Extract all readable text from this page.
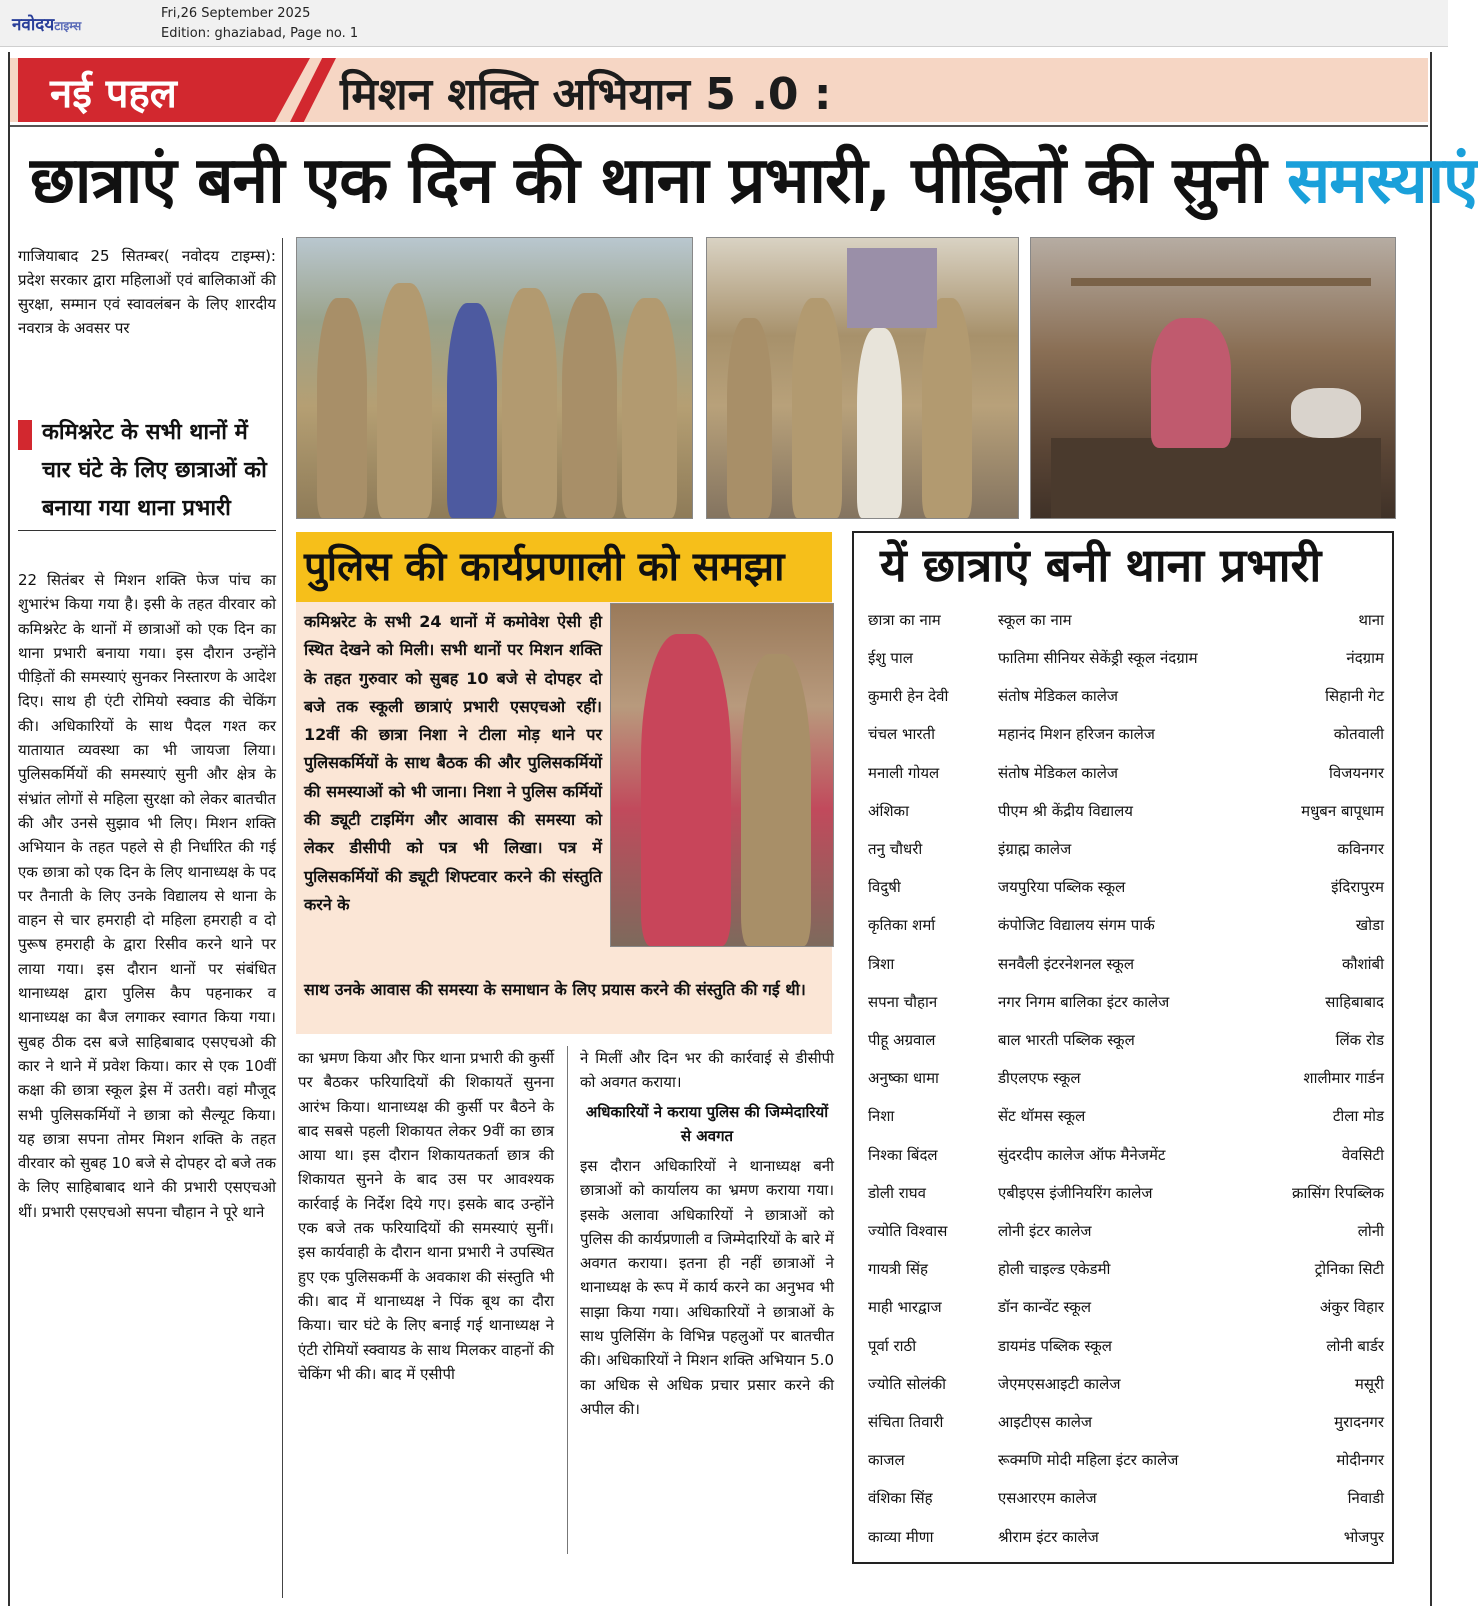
नवोदयटाइम्स
Fri,26 September 2025
Edition: ghaziabad, Page no. 1
नई पहल	मिशन शक्ति अभियान 5 .0 :
छात्राएं बनी एक दिन की थाना प्रभारी, पीड़ितों की सुनी समस्याएं
गाजियाबाद 25 सितम्बर( नवोदय टाइम्स): प्रदेश सरकार द्वारा महिलाओं एवं बालिकाओं की सुरक्षा, सम्मान एवं स्वावलंबन के लिए शारदीय नवरात्र के अवसर पर
कमिश्नरेट के सभी थानों में चार घंटे के लिए छात्राओं को बनाया गया थाना प्रभारी
22 सितंबर से मिशन शक्ति फेज पांच का शुभारंभ किया गया है। इसी के तहत वीरवार को कमिश्नरेट के थानों में छात्राओं को एक दिन का थाना प्रभारी बनाया गया। इस दौरान उन्होंने पीड़ितों की समस्याएं सुनकर निस्तारण के आदेश दिए। साथ ही एंटी रोमियो स्क्वाड की चेकिंग की। अधिकारियों के साथ पैदल गश्त कर यातायात व्यवस्था का भी जायजा लिया। पुलिसकर्मियों की समस्याएं सुनी और क्षेत्र के संभ्रांत लोगों से महिला सुरक्षा को लेकर बातचीत की और उनसे सुझाव भी लिए। मिशन शक्ति अभियान के तहत पहले से ही निर्धारित की गई एक छात्रा को एक दिन के लिए थानाध्यक्ष के पद पर तैनाती के लिए उनके विद्यालय से थाना के वाहन से चार हमराही दो महिला हमराही व दो पुरूष हमराही के द्वारा रिसीव करने थाने पर लाया गया। इस दौरान थानों पर संबंधित थानाध्यक्ष द्वारा पुलिस कैप पहनाकर व थानाध्यक्ष का बैज लगाकर स्वागत किया गया। सुबह ठीक दस बजे साहिबाबाद एसएचओ की कार ने थाने में प्रवेश किया। कार से एक 10वीं कक्षा की छात्रा स्कूल ड्रेस में उतरी। वहां मौजूद सभी पुलिसकर्मियों ने छात्रा को सैल्यूट किया। यह छात्रा सपना तोमर मिशन शक्ति के तहत वीरवार को सुबह 10 बजे से दोपहर दो बजे तक के लिए साहिबाबाद थाने की प्रभारी एसएचओ थीं। प्रभारी एसएचओ सपना चौहान ने पूरे थाने
पुलिस की कार्यप्रणाली को समझा
कमिश्नरेट के सभी 24 थानों में कमोवेश ऐसी ही स्थित देखने को मिली। सभी थानों पर मिशन शक्ति के तहत गुरुवार को सुबह 10 बजे से दोपहर दो बजे तक स्कूली छात्राएं प्रभारी एसएचओ रहीं। 12वीं की छात्रा निशा ने टीला मोड़ थाने पर पुलिसकर्मियों के साथ बैठक की और पुलिसकर्मियों की समस्याओं को भी जाना। निशा ने पुलिस कर्मियों की ड्यूटी टाइमिंग और आवास की समस्या को लेकर डीसीपी को पत्र भी लिखा। पत्र में पुलिसकर्मियों की ड्यूटी शिफ्टवार करने की संस्तुति करने के
साथ उनके आवास की समस्या के समाधान के लिए प्रयास करने की संस्तुति की गई थी।
का भ्रमण किया और फिर थाना प्रभारी की कुर्सी पर बैठकर फरियादियों की शिकायतें सुनना आरंभ किया। थानाध्यक्ष की कुर्सी पर बैठने के बाद सबसे पहली शिकायत लेकर 9वीं का छात्र आया था। इस दौरान शिकायतकर्ता छात्र की शिकायत सुनने के बाद उस पर आवश्यक कार्रवाई के निर्देश दिये गए। इसके बाद उन्होंने एक बजे तक फरियादियों की समस्याएं सुनीं। इस कार्यवाही के दौरान थाना प्रभारी ने उपस्थित हुए एक पुलिसकर्मी के अवकाश की संस्तुति भी की। बाद में थानाध्यक्ष ने पिंक बूथ का दौरा किया। चार घंटे के लिए बनाई गई थानाध्यक्ष ने एंटी रोमियों स्क्वायड के साथ मिलकर वाहनों की चेकिंग भी की। बाद में एसीपी
ने मिलीं और दिन भर की कार्रवाई से डीसीपी को अवगत कराया।
अधिकारियों ने कराया पुलिस की जिम्मेदारियों से अवगत
इस दौरान अधिकारियों ने थानाध्यक्ष बनी छात्राओं को कार्यालय का भ्रमण कराया गया। इसके अलावा अधिकारियों ने छात्राओं को पुलिस की कार्यप्रणाली व जिम्मेदारियों के बारे में अवगत कराया। इतना ही नहीं छात्राओं ने थानाध्यक्ष के रूप में कार्य करने का अनुभव भी साझा किया गया। अधिकारियों ने छात्राओं के साथ पुलिसिंग के विभिन्न पहलुओं पर बातचीत की। अधिकारियों ने मिशन शक्ति अभियान 5.0 का अधिक से अधिक प्रचार प्रसार करने की अपील की।
यें छात्राएं बनी थाना प्रभारी
छात्रा का नाम	स्कूल का नाम	थाना
ईशु पाल	फातिमा सीनियर सेकेंड्री स्कूल नंदग्राम	नंदग्राम
कुमारी हेन देवी	संतोष मेडिकल कालेज	सिहानी गेट
चंचल भारती	महानंद मिशन हरिजन कालेज	कोतवाली
मनाली गोयल	संतोष मेडिकल कालेज	विजयनगर
अंशिका	पीएम श्री केंद्रीय विद्यालय	मधुबन बापूधाम
तनु चौधरी	इंग्राह्म कालेज	कविनगर
विदुषी	जयपुरिया पब्लिक स्कूल	इंदिरापुरम
कृतिका शर्मा	कंपोजिट विद्यालय संगम पार्क	खोडा
त्रिशा	सनवैली इंटरनेशनल स्कूल	कौशांबी
सपना चौहान	नगर निगम बालिका इंटर कालेज	साहिबाबाद
पीहू अग्रवाल	बाल भारती पब्लिक स्कूल	लिंक रोड
अनुष्का धामा	डीएलएफ स्कूल	शालीमार गार्डन
निशा	सेंट थॉमस स्कूल	टीला मोड
निश्का बिंदल	सुंदरदीप कालेज ऑफ मैनेजमेंट	वेवसिटी
डोली राघव	एबीइएस इंजीनियरिंग कालेज	क्रासिंग रिपब्लिक
ज्योति विश्वास	लोनी इंटर कालेज	लोनी
गायत्री सिंह	होली चाइल्ड एकेडमी	ट्रोनिका सिटी
माही भारद्वाज	डॉन कान्वेंट स्कूल	अंकुर विहार
पूर्वा राठी	डायमंड पब्लिक स्कूल	लोनी बार्डर
ज्योति सोलंकी	जेएमएसआइटी कालेज	मसूरी
संचिता तिवारी	आइटीएस कालेज	मुरादनगर
काजल	रूक्मणि मोदी महिला इंटर कालेज	मोदीनगर
वंशिका सिंह	एसआरएम कालेज	निवाडी
काव्या मीणा	श्रीराम इंटर कालेज	भोजपुर
